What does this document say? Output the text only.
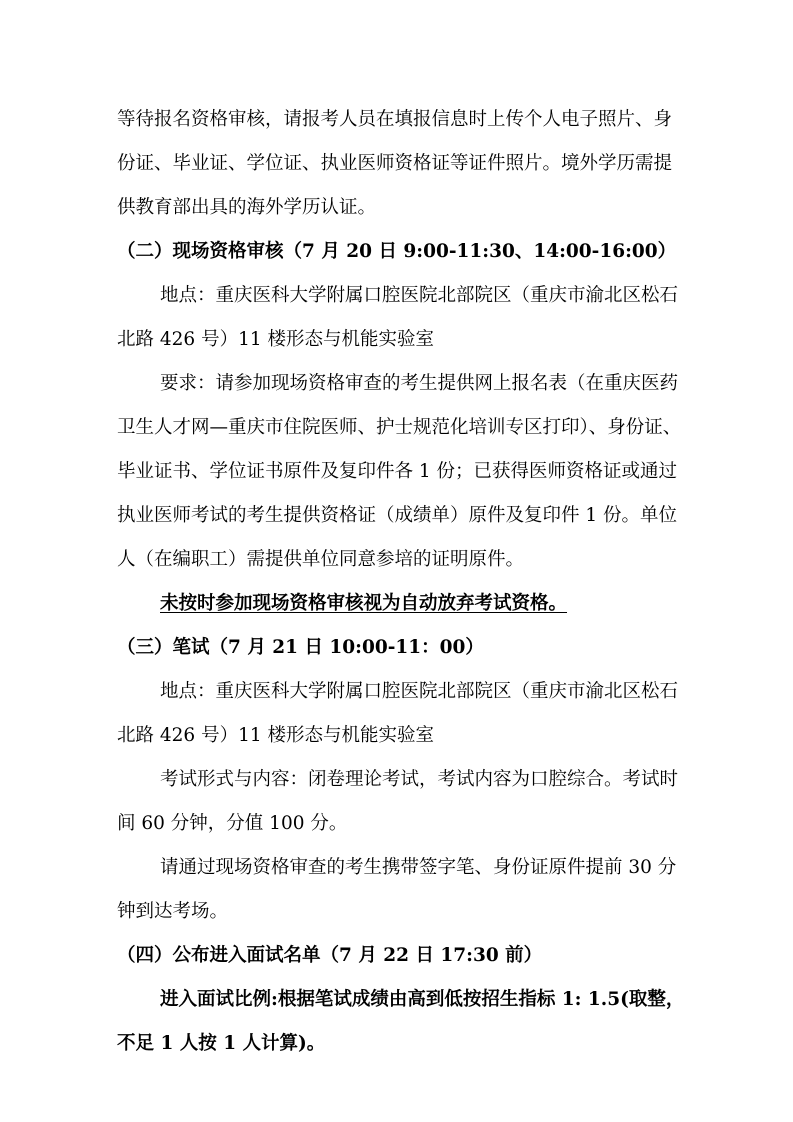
等待报名资格审核，请报考人员在填报信息时上传个人电子照片、身
份证、毕业证、学位证、执业医师资格证等证件照片。境外学历需提
供教育部出具的海外学历认证。
（二）现场资格审核（7 月 20 日 9:00-11:30、14:00-16:00）
地点：重庆医科大学附属口腔医院北部院区（重庆市渝北区松石
北路 426 号）11 楼形态与机能实验室
要求：请参加现场资格审查的考生提供网上报名表（在重庆医药
卫生人才网—重庆市住院医师、护士规范化培训专区打印）、身份证、
毕业证书、学位证书原件及复印件各 1 份；已获得医师资格证或通过
执业医师考试的考生提供资格证（成绩单）原件及复印件 1 份。单位
人（在编职工）需提供单位同意参培的证明原件。
未按时参加现场资格审核视为自动放弃考试资格。
（三）笔试（7 月 21 日 10:00-11：00）
地点：重庆医科大学附属口腔医院北部院区（重庆市渝北区松石
北路 426 号）11 楼形态与机能实验室
考试形式与内容：闭卷理论考试，考试内容为口腔综合。考试时
间 60 分钟，分值 100 分。
请通过现场资格审查的考生携带签字笔、身份证原件提前 30 分
钟到达考场。
（四）公布进入面试名单（7 月 22 日 17:30 前）
进入面试比例:根据笔试成绩由高到低按招生指标 1: 1.5(取整，
不足 1 人按 1 人计算)。
